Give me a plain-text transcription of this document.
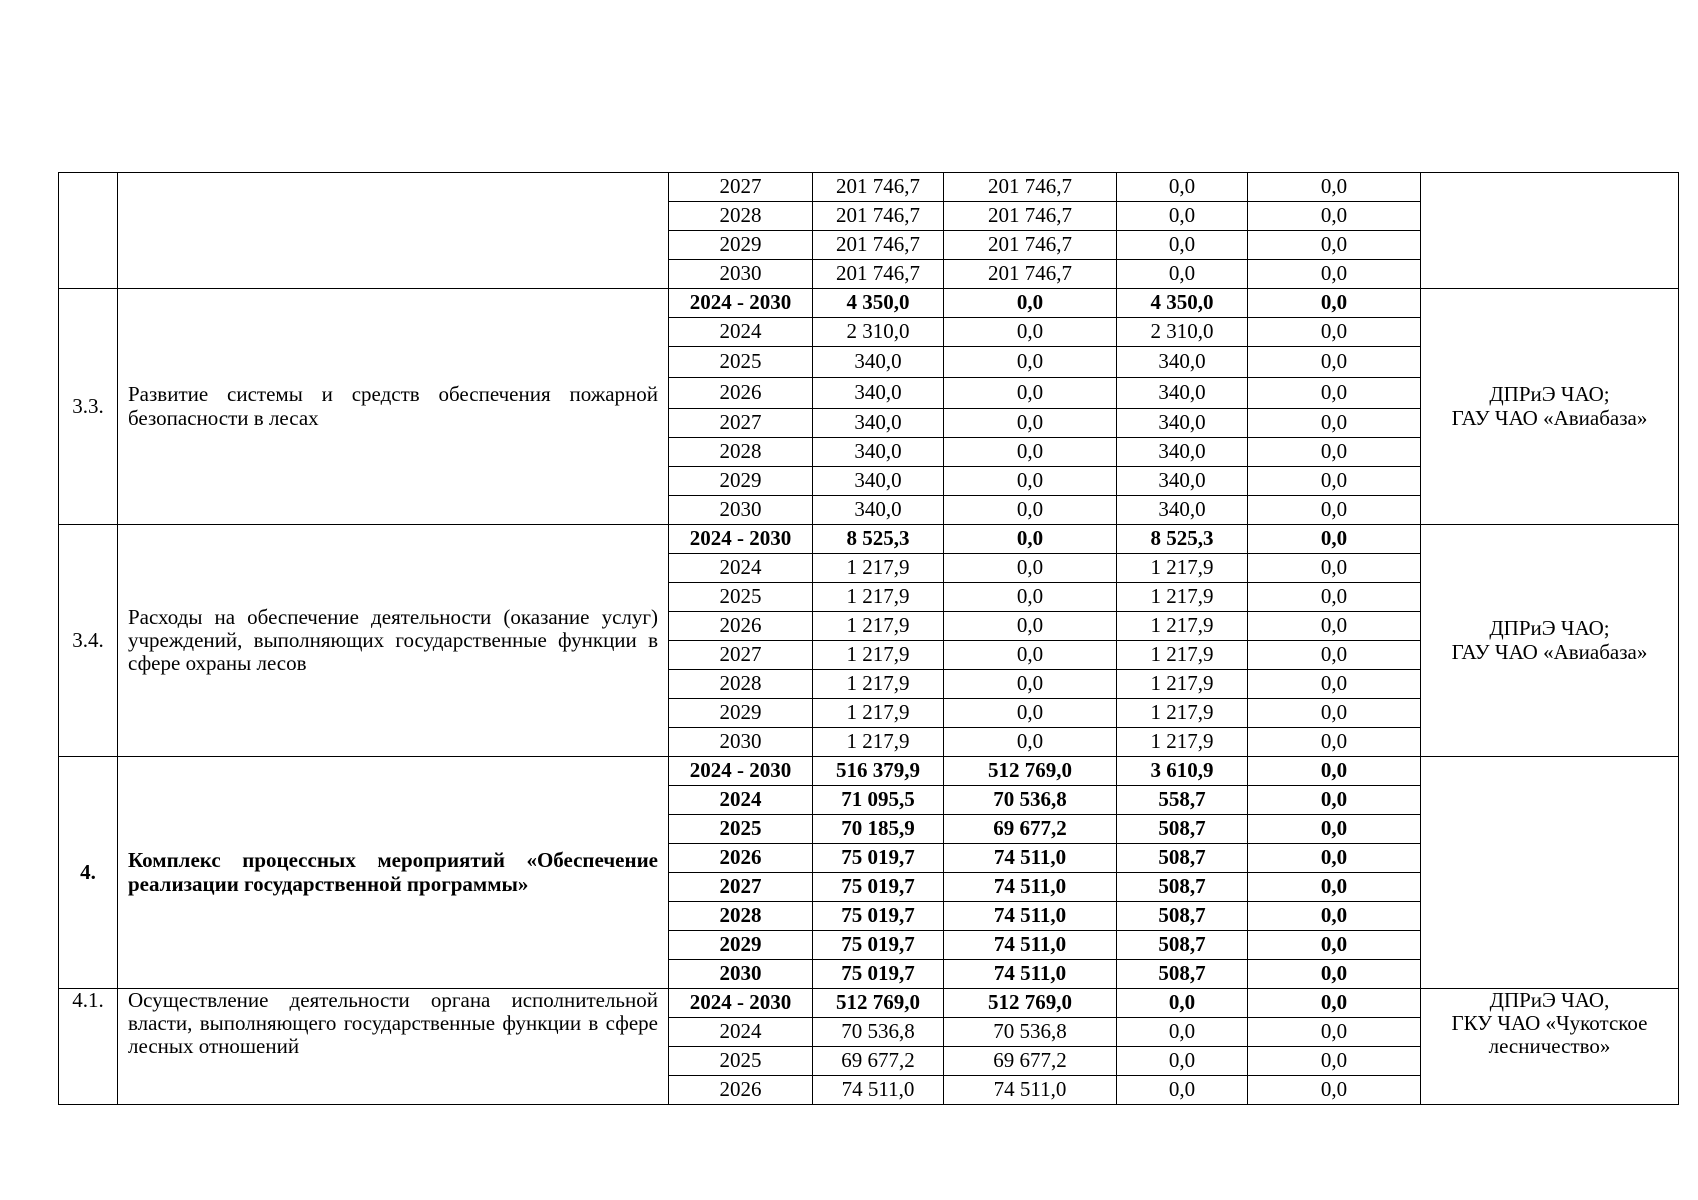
		2027	201 746,7	201 746,7	0,0	0,0	
		2028	201 746,7	201 746,7	0,0	0,0	
		2029	201 746,7	201 746,7	0,0	0,0	
		2030	201 746,7	201 746,7	0,0	0,0	
3.3.	Развитие системы и средств обеспечения пожарной безопасности в лесах	2024 - 2030	4 350,0	0,0	4 350,0	0,0	ДПРиЭ ЧАО;
ГАУ ЧАО «Авиабаза»

		2024	2 310,0	0,0	2 310,0	0,0	
		2025	340,0	0,0	340,0	0,0	
		2026	340,0	0,0	340,0	0,0	
		2027	340,0	0,0	340,0	0,0	
		2028	340,0	0,0	340,0	0,0	
		2029	340,0	0,0	340,0	0,0	
		2030	340,0	0,0	340,0	0,0	
3.4.	Расходы на обеспечение деятельности (оказание услуг) учреждений, выполняющих государственные функции в сфере охраны лесов	2024 - 2030	8 525,3	0,0	8 525,3	0,0	ДПРиЭ ЧАО;
ГАУ ЧАО «Авиабаза»

		2024	1 217,9	0,0	1 217,9	0,0	
		2025	1 217,9	0,0	1 217,9	0,0	
		2026	1 217,9	0,0	1 217,9	0,0	
		2027	1 217,9	0,0	1 217,9	0,0	
		2028	1 217,9	0,0	1 217,9	0,0	
		2029	1 217,9	0,0	1 217,9	0,0	
		2030	1 217,9	0,0	1 217,9	0,0	
4.	Комплекс процессных мероприятий «Обеспечение реализации государственной программы»	2024 - 2030	516 379,9	512 769,0	3 610,9	0,0	
		2024	71 095,5	70 536,8	558,7	0,0	
		2025	70 185,9	69 677,2	508,7	0,0	
		2026	75 019,7	74 511,0	508,7	0,0	
		2027	75 019,7	74 511,0	508,7	0,0	
		2028	75 019,7	74 511,0	508,7	0,0	
		2029	75 019,7	74 511,0	508,7	0,0	
		2030	75 019,7	74 511,0	508,7	0,0	
4.1.	Осуществление деятельности органа исполнительной власти, выполняющего государственные функции в сфере лесных отношений	2024 - 2030	512 769,0	512 769,0	0,0	0,0	ДПРиЭ ЧАО,
ГКУ ЧАО «Чукотское лесничество»

		2024	70 536,8	70 536,8	0,0	0,0	
		2025	69 677,2	69 677,2	0,0	0,0	
		2026	74 511,0	74 511,0	0,0	0,0	
